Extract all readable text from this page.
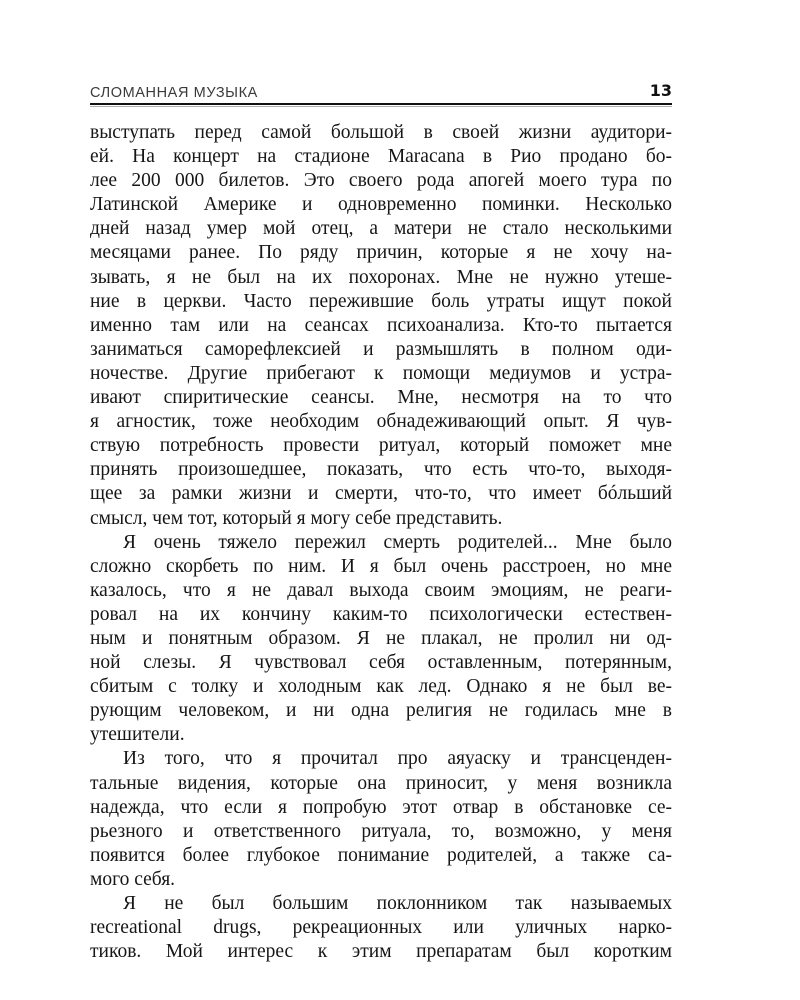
СЛОМАННАЯ МУЗЫКА	13
выступать перед самой большой в своей жизни аудитори-
ей. На концерт на стадионе Maracana в Рио продано бо-
лее 200 000 билетов. Это своего рода апогей моего тура по
Латинской Америке и одновременно поминки. Несколько
дней назад умер мой отец, а матери не стало несколькими
месяцами ранее. По ряду причин, которые я не хочу на-
зывать, я не был на их похоронах. Мне не нужно утеше-
ние в церкви. Часто пережившие боль утраты ищут покой
именно там или на сеансах психоанализа. Кто-то пытается
заниматься саморефлексией и размышлять в полном оди-
ночестве. Другие прибегают к помощи медиумов и устра-
ивают спиритические сеансы. Мне, несмотря на то что
я агностик, тоже необходим обнадеживающий опыт. Я чув-
ствую потребность провести ритуал, который поможет мне
принять произошедшее, показать, что есть что-то, выходя-
щее за рамки жизни и смерти, что-то, что имеет бóльший
смысл, чем тот, который я могу себе представить.
Я очень тяжело пережил смерть родителей... Мне было
сложно скорбеть по ним. И я был очень расстроен, но мне
казалось, что я не давал выхода своим эмоциям, не реаги-
ровал на их кончину каким-то психологически естествен-
ным и понятным образом. Я не плакал, не пролил ни од-
ной слезы. Я чувствовал себя оставленным, потерянным,
сбитым с толку и холодным как лед. Однако я не был ве-
рующим человеком, и ни одна религия не годилась мне в
утешители.
Из того, что я прочитал про аяуаску и трансценден-
тальные видения, которые она приносит, у меня возникла
надежда, что если я попробую этот отвар в обстановке се-
рьезного и ответственного ритуала, то, возможно, у меня
появится более глубокое понимание родителей, а также са-
мого себя.
Я не был большим поклонником так называемых
recreational drugs, рекреационных или уличных нарко-
тиков. Мой интерес к этим препаратам был коротким
